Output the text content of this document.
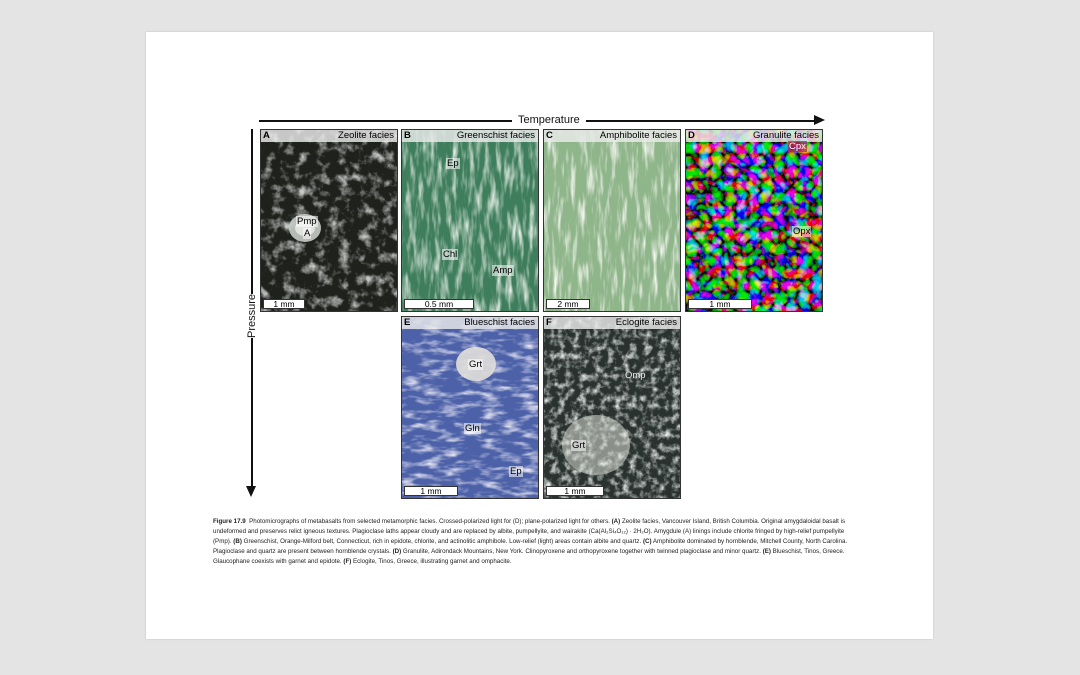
Temperature
Pressure
A	Zeolite facies
Pmp
A
1 mm
B	Greenschist facies
Ep
Chl
Amp
0.5 mm
C	Amphibolite facies
2 mm
D	Granulite facies
Cpx
Opx
1 mm
E	Blueschist facies
Grt
Gln
Ep
1 mm
F	Eclogite facies
Omp
Grt
1 mm
Figure 17.9 Photomicrographs of metabasalts from selected metamorphic facies. Crossed-polarized light for (D); plane-polarized light for others. (A) Zeolite facies, Vancouver Island, British Columbia. Original amygdaloidal basalt is undeformed and preserves relict igneous textures. Plagioclase laths appear cloudy and are replaced by albite, pumpellyite, and wairakite (Ca(Al₂Si₄O₁₂) · 2H₂O). Amygdule (A) linings include chlorite fringed by high-relief pumpellyite (Pmp). (B) Greenschist, Orange-Milford belt, Connecticut, rich in epidote, chlorite, and actinolitic amphibole. Low-relief (light) areas contain albite and quartz. (C) Amphibolite dominated by hornblende, Mitchell County, North Carolina. Plagioclase and quartz are present between hornblende crystals. (D) Granulite, Adirondack Mountains, New York. Clinopyroxene and orthopyroxene together with twinned plagioclase and minor quartz. (E) Blueschist, Tinos, Greece. Glaucophane coexists with garnet and epidote. (F) Eclogite, Tinos, Greece, illustrating garnet and omphacite.
